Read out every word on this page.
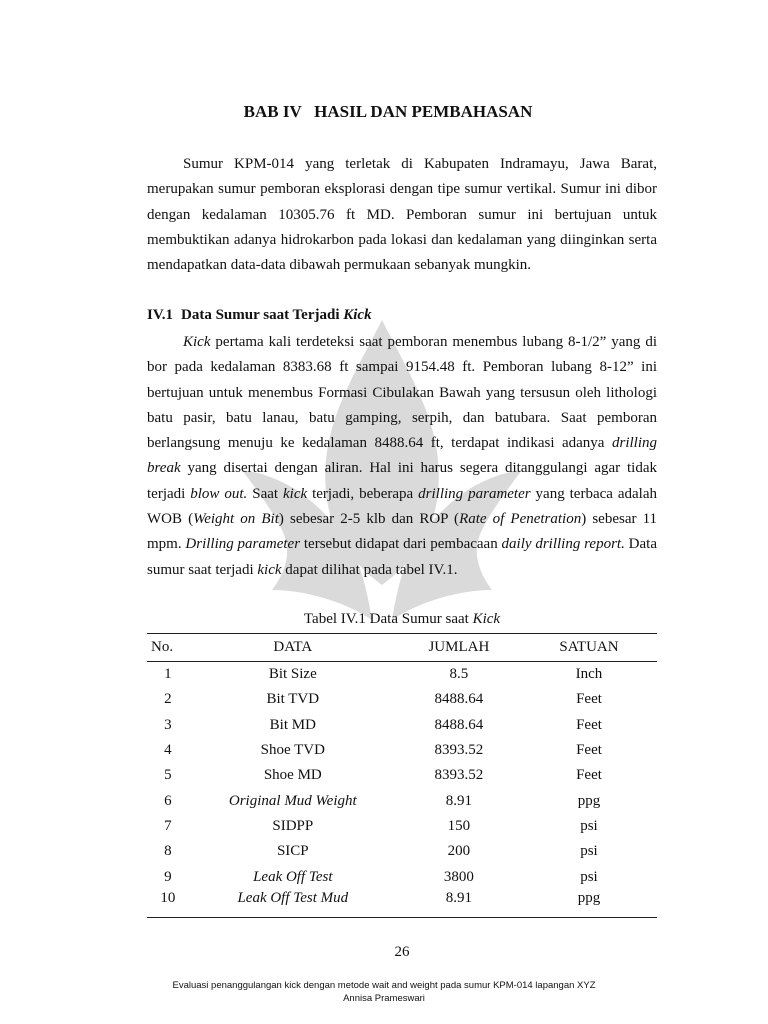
BAB IV   HASIL DAN PEMBAHASAN

Sumur KPM-014 yang terletak di Kabupaten Indramayu, Jawa Barat, merupakan sumur pemboran eksplorasi dengan tipe sumur vertikal. Sumur ini dibor dengan kedalaman 10305.76 ft MD. Pemboran sumur ini bertujuan untuk membuktikan adanya hidrokarbon pada lokasi dan kedalaman yang diinginkan serta mendapatkan data-data dibawah permukaan sebanyak mungkin.

IV.1 Data Sumur saat Terjadi Kick

Kick pertama kali terdeteksi saat pemboran menembus lubang 8-1/2” yang di bor pada kedalaman 8383.68 ft sampai 9154.48 ft. Pemboran lubang 8-12” ini bertujuan untuk menembus Formasi Cibulakan Bawah yang tersusun oleh lithologi batu pasir, batu lanau, batu gamping, serpih, dan batubara. Saat pemboran berlangsung menuju ke kedalaman 8488.64 ft, terdapat indikasi adanya drilling break yang disertai dengan aliran. Hal ini harus segera ditanggulangi agar tidak terjadi blow out. Saat kick terjadi, beberapa drilling parameter yang terbaca adalah WOB (Weight on Bit) sebesar 2-5 klb dan ROP (Rate of Penetration) sebesar 11 mpm. Drilling parameter tersebut didapat dari pembacaan daily drilling report. Data sumur saat terjadi kick dapat dilihat pada tabel IV.1.

Tabel IV.1 Data Sumur saat Kick

No.	DATA	JUMLAH	SATUAN
1	Bit Size	8.5	Inch
2	Bit TVD	8488.64	Feet
3	Bit MD	8488.64	Feet
4	Shoe TVD	8393.52	Feet
5	Shoe MD	8393.52	Feet
6	Original Mud Weight	8.91	ppg
7	SIDPP	150	psi
8	SICP	200	psi
9	Leak Off Test	3800	psi
10	Leak Off Test Mud	8.91	ppg

26

Evaluasi penanggulangan kick dengan metode wait and weight pada sumur KPM-014 lapangan XYZ
Annisa Prameswari
